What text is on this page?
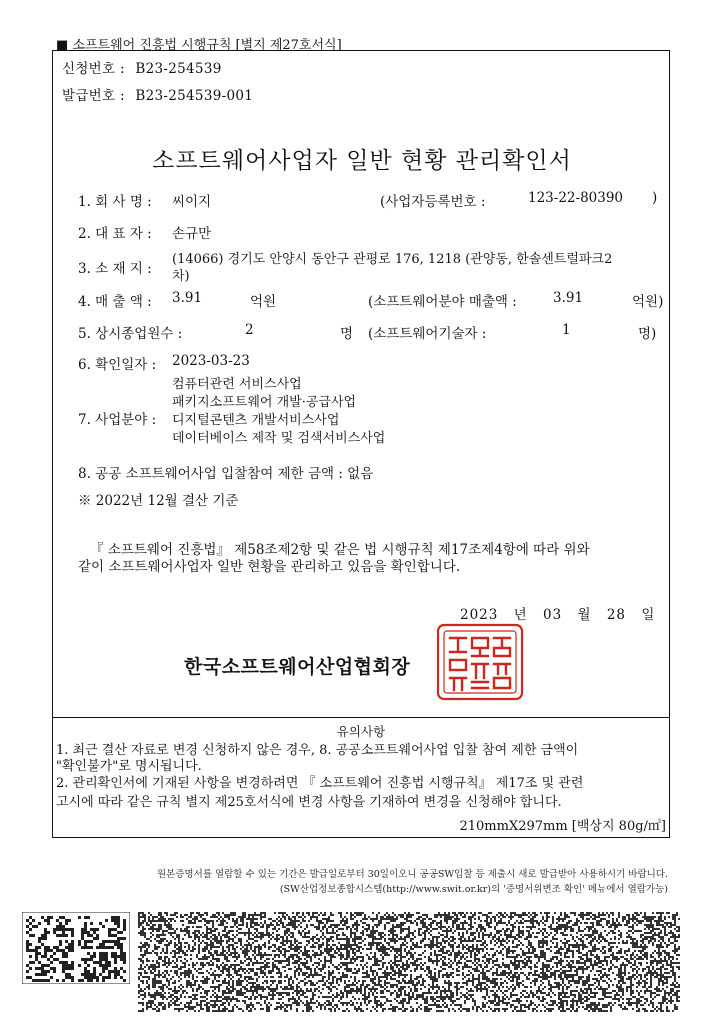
■ 소프트웨어 진흥법 시행규칙 [별지 제27호서식]
신청번호 : B23-254539
발급번호 : B23-254539-001
소프트웨어사업자 일반 현황 관리확인서
1. 회 사 명 : 씨이지	(사업자등록번호 :	123-22-80390 )
2. 대 표 자 : 손규만
3. 소 재 지 :
(14066) 경기도 안양시 동안구 관평로 176, 1218 (관양동, 한솔센트럴파크2
차)
4. 매 출 액 : 3.91	억원	(소프트웨어분야 매출액 :	3.91	억원)
5. 상시종업원수 :	2	명 (소프트웨어기술자 :	1	명)
6. 확인일자 : 2023-03-23
7. 사업분야 :
컴퓨터관련 서비스사업
패키지소프트웨어 개발·공급사업
디지털콘텐츠 개발서비스사업
데이터베이스 제작 및 검색서비스사업
8. 공공 소프트웨어사업 입찰참여 제한 금액 : 없음
※ 2022년 12월 결산 기준
『 소프트웨어 진흥법』 제58조제2항 및 같은 법 시행규칙 제17조제4항에 따라 위와
같이 소프트웨어사업자 일반 현황을 관리하고 있음을 확인합니다.
2023 년 03 월 28 일
한국소프트웨어산업협회장
유의사항
1. 최근 결산 자료로 변경 신청하지 않은 경우, 8. 공공소프트웨어사업 입찰 참여 제한 금액이
"확인불가"로 명시됩니다.
2. 관리확인서에 기재된 사항을 변경하려면 『 소프트웨어 진흥법 시행규칙』 제17조 및 관련
고시에 따라 같은 규칙 별지 제25호서식에 변경 사항을 기재하여 변경을 신청해야 합니다.
210mmX297mm [백상지 80g/㎡]
원본증명서를 열람할 수 있는 기간은 발급일로부터 30일이오니 공공SW입찰 등 제출시 새로 발급받아 사용하시기 바랍니다.
(SW산업정보종합시스템(http://www.swit.or.kr)의 '증명서위변조 확인' 메뉴에서 열람가능)
